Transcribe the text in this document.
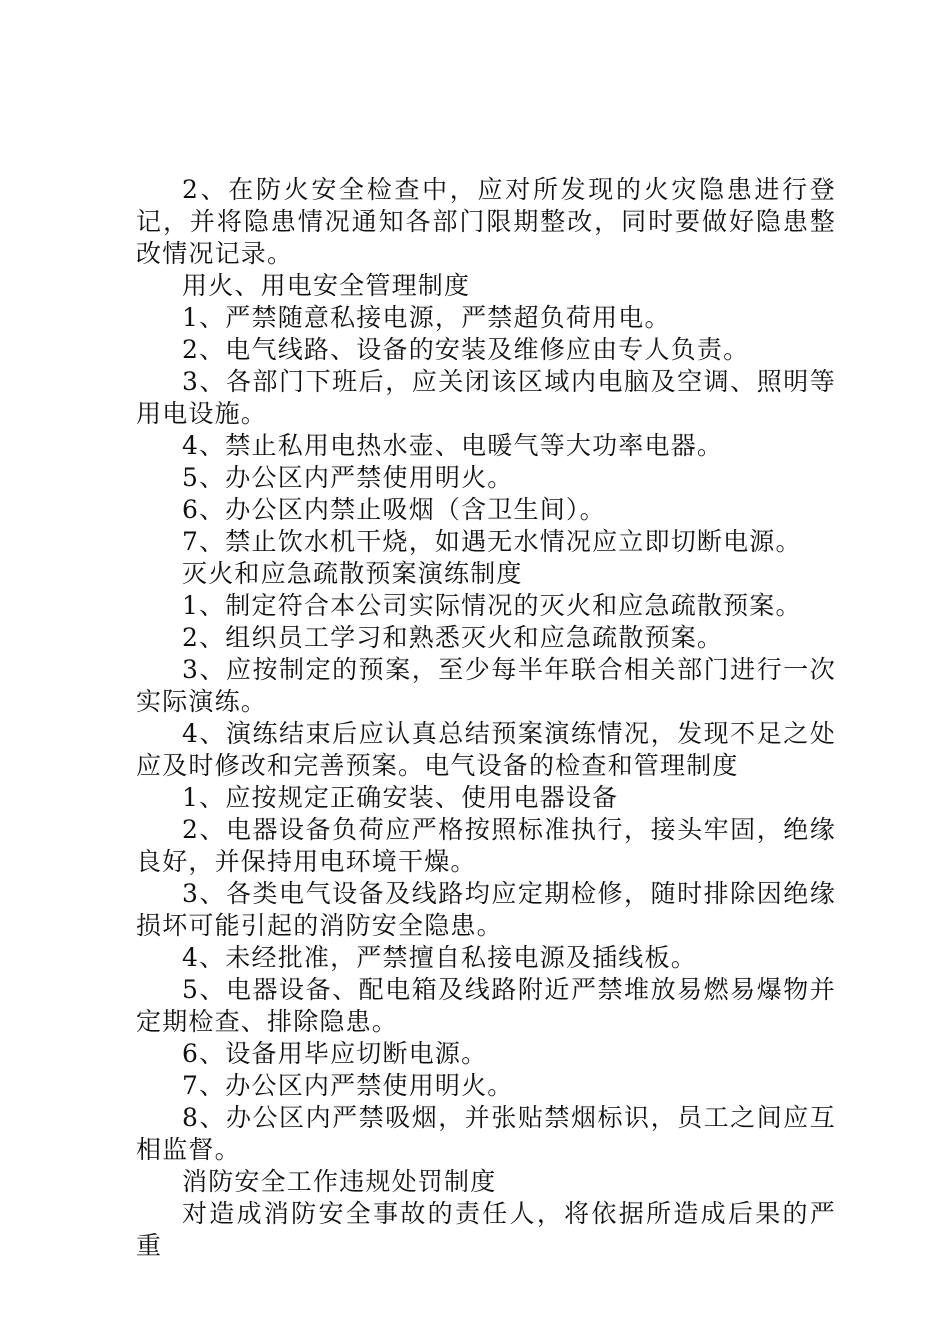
2、在防火安全检查中，应对所发现的火灾隐患进行登记，并将隐患情况通知各部门限期整改，同时要做好隐患整改情况记录。

用火、用电安全管理制度

1、严禁随意私接电源，严禁超负荷用电。

2、电气线路、设备的安装及维修应由专人负责。

3、各部门下班后，应关闭该区域内电脑及空调、照明等用电设施。

4、禁止私用电热水壶、电暖气等大功率电器。

5、办公区内严禁使用明火。

6、办公区内禁止吸烟（含卫生间）。

7、禁止饮水机干烧，如遇无水情况应立即切断电源。

灭火和应急疏散预案演练制度

1、制定符合本公司实际情况的灭火和应急疏散预案。

2、组织员工学习和熟悉灭火和应急疏散预案。

3、应按制定的预案，至少每半年联合相关部门进行一次实际演练。

4、演练结束后应认真总结预案演练情况，发现不足之处应及时修改和完善预案。电气设备的检查和管理制度

1、应按规定正确安装、使用电器设备

2、电器设备负荷应严格按照标准执行，接头牢固，绝缘良好，并保持用电环境干燥。

3、各类电气设备及线路均应定期检修，随时排除因绝缘损坏可能引起的消防安全隐患。

4、未经批准，严禁擅自私接电源及插线板。

5、电器设备、配电箱及线路附近严禁堆放易燃易爆物并定期检查、排除隐患。

6、设备用毕应切断电源。

7、办公区内严禁使用明火。

8、办公区内严禁吸烟，并张贴禁烟标识，员工之间应互相监督。

消防安全工作违规处罚制度

对造成消防安全事故的责任人，将依据所造成后果的严重
